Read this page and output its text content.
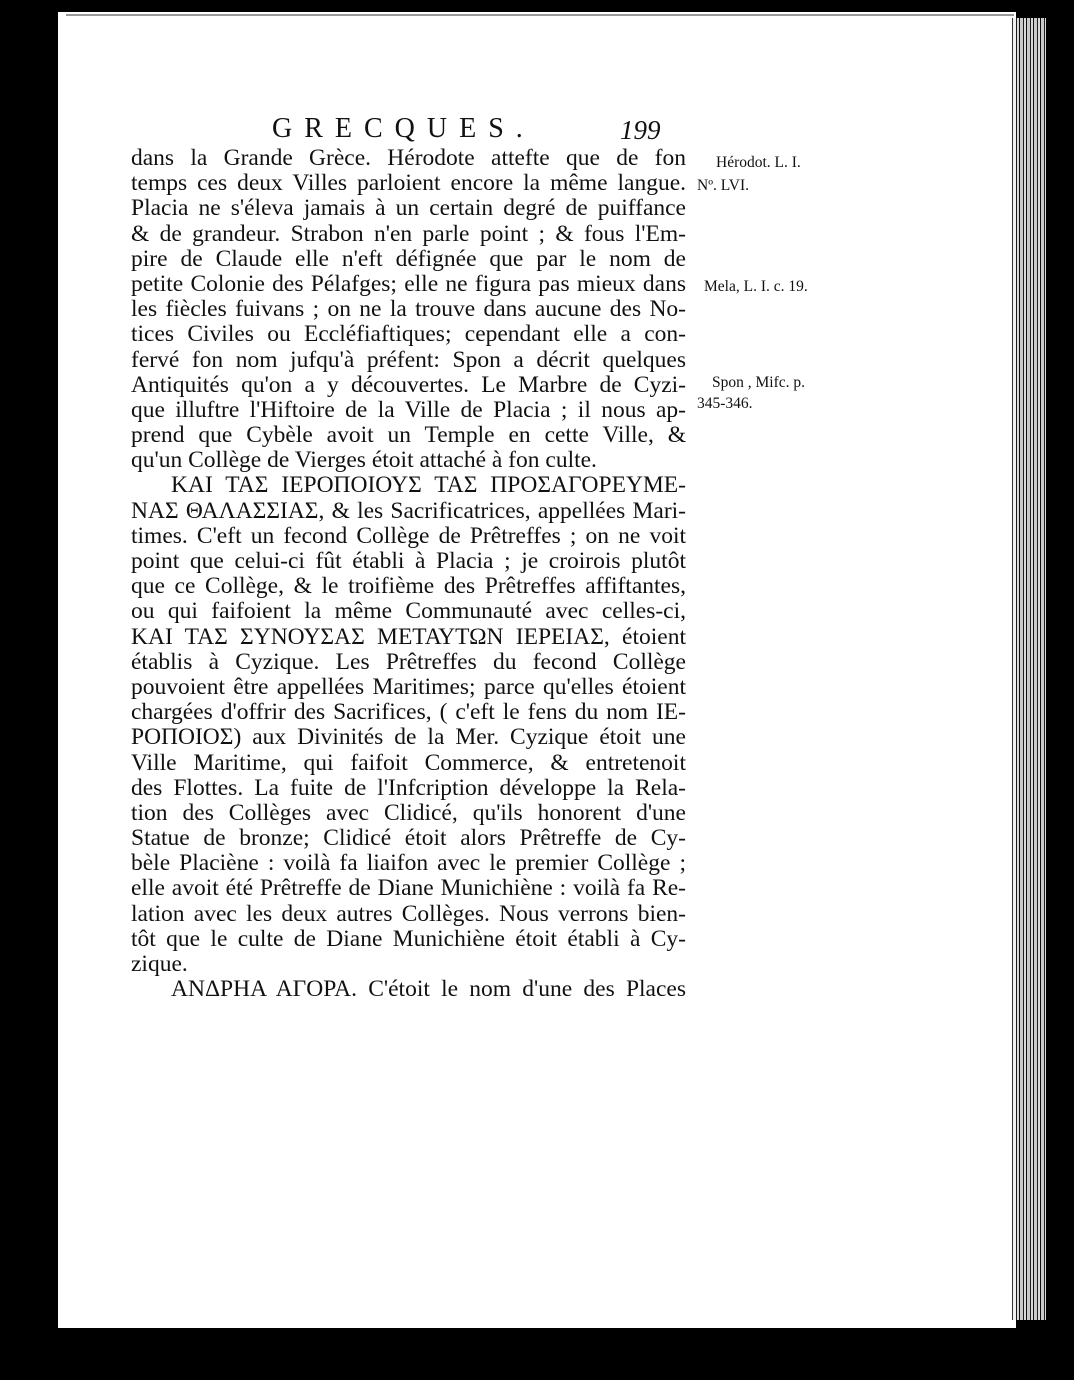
GRECQUES.	199
dans la Grande Grèce. Hérodote attefte que de fon
temps ces deux Villes parloient encore la même langue.
Placia ne s'éleva jamais à un certain degré de puiffance
& de grandeur. Strabon n'en parle point ; & fous l'Em-
pire de Claude elle n'eft défignée que par le nom de
petite Colonie des Pélafges; elle ne figura pas mieux dans
les fiècles fuivans ; on ne la trouve dans aucune des No-
tices Civiles ou Eccléfiaftiques; cependant elle a con-
fervé fon nom jufqu'à préfent: Spon a décrit quelques
Antiquités qu'on a y découvertes. Le Marbre de Cyzi-
que illuftre l'Hiftoire de la Ville de Placia ; il nous ap-
prend que Cybèle avoit un Temple en cette Ville, &
qu'un Collège de Vierges étoit attaché à fon culte.
ΚΑΙ ΤΑΣ ΙΕΡΟΠΟΙΟΥΣ ΤΑΣ ΠΡΟΣΑΓΟΡΕΥΜΕ-
ΝΑΣ ΘΑΛΑΣΣΙΑΣ, & les Sacrificatrices, appellées Mari-
times. C'eft un fecond Collège de Prêtreffes ; on ne voit
point que celui-ci fût établi à Placia ; je croirois plutôt
que ce Collège, & le troifième des Prêtreffes affiftantes,
ou qui faifoient la même Communauté avec celles-ci,
ΚΑΙ ΤΑΣ ΣΥΝΟΥΣΑΣ ΜΕΤΑΥΤΩΝ ΙΕΡΕΙΑΣ, étoient
établis à Cyzique. Les Prêtreffes du fecond Collège
pouvoient être appellées Maritimes; parce qu'elles étoient
chargées d'offrir des Sacrifices, ( c'eft le fens du nom ΙΕ-
ΡΟΠΟΙΟΣ) aux Divinités de la Mer. Cyzique étoit une
Ville Maritime, qui faifoit Commerce, & entretenoit
des Flottes. La fuite de l'Infcription développe la Rela-
tion des Collèges avec Clidicé, qu'ils honorent d'une
Statue de bronze; Clidicé étoit alors Prêtreffe de Cy-
bèle Placiène : voilà fa liaifon avec le premier Collège ;
elle avoit été Prêtreffe de Diane Munichiène : voilà fa Re-
lation avec les deux autres Collèges. Nous verrons bien-
tôt que le culte de Diane Munichiène étoit établi à Cy-
zique.
ΑΝΔΡΗΑ ΑΓΟΡΑ. C'étoit le nom d'une des Places
Hérodot. L. I.
Nº. LVI.
Mela, L. I. c. 19.
Spon , Mifc. p.
345-346.
